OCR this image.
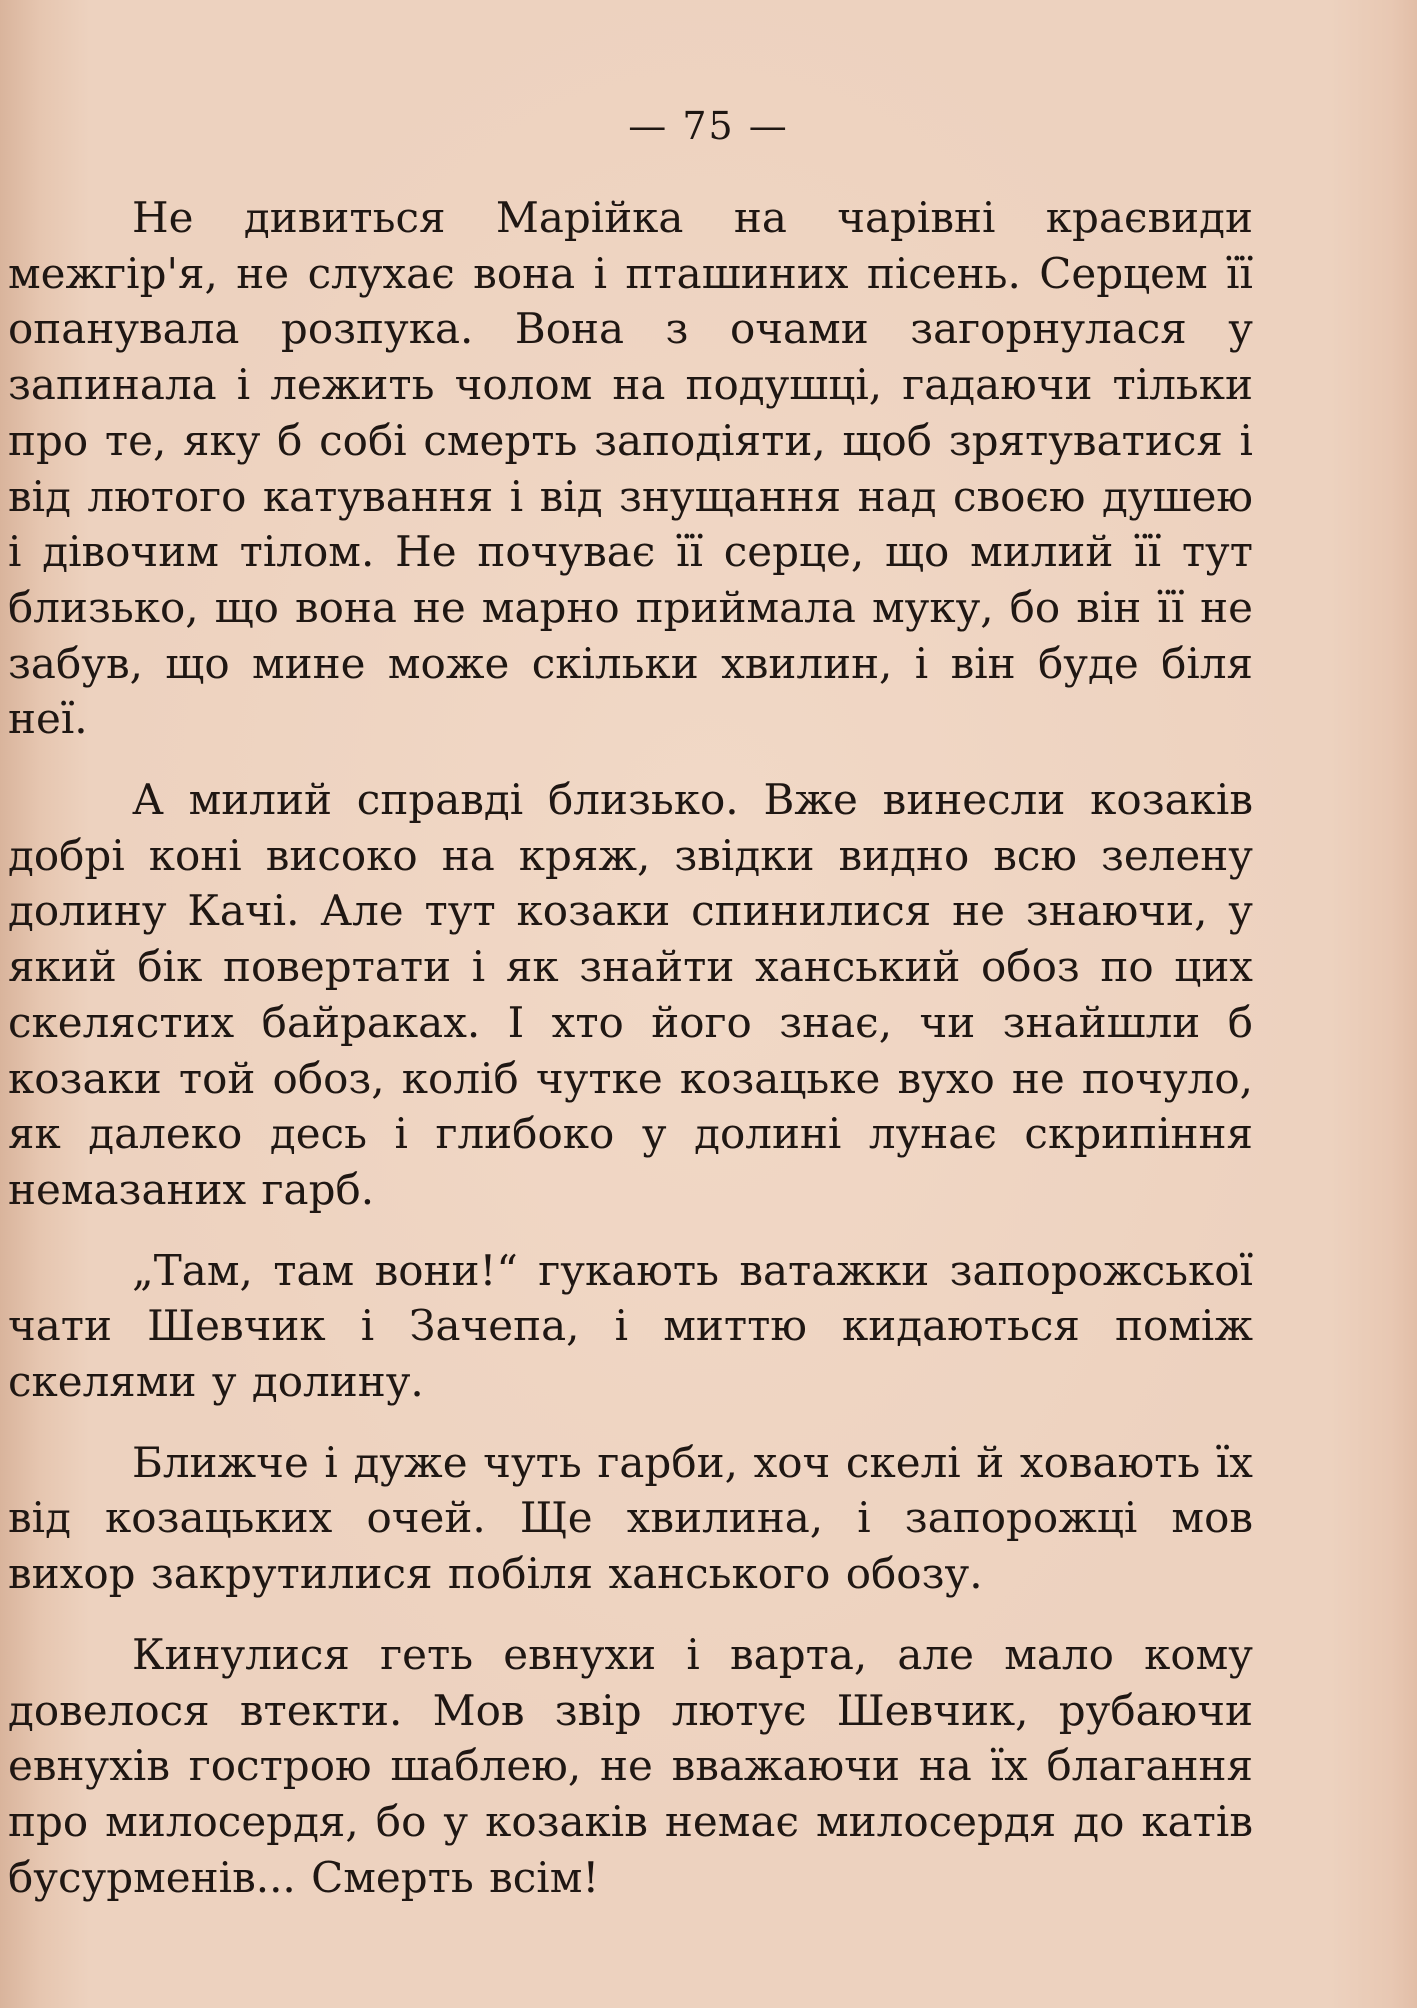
— 75 —

Не дивиться Марійка на чарівні краєвиди межгір'я, не слухає вона і пташиних пісень. Серцем її опанувала розпука. Вона з очами загорнулася у запинала і лежить чолом на подушці, гадаючи тільки про те, яку б собі смерть заподіяти, щоб зрятуватися і від лютого катування і від знущання над своєю душею і дівочим тілом. Не почуває її серце, що милий її тут близько, що вона не марно приймала муку, бо він її не забув, що мине може скільки хвилин, і він буде біля неї.

А милий справді близько. Вже винесли козаків добрі коні високо на кряж, звідки видно всю зелену долину Качі. Але тут козаки спинилися не знаючи, у який бік повертати і як знайти ханський обоз по цих скелястих байраках. І хто його знає, чи знайшли б козаки той обоз, коліб чутке козацьке вухо не почуло, як далеко десь і глибоко у долині лунає скрипіння немазаних гарб.

„Там, там вони!“ гукають ватажки запорожської чати Шевчик і Зачепа, і миттю кидаються поміж скелями у долину.

Ближче і дуже чуть гарби, хоч скелі й ховають їх від козацьких очей. Ще хвилина, і запорожці мов вихор закрутилися побіля ханського обозу.

Кинулися геть евнухи і варта, але мало кому довелося втекти. Мов звір лютує Шевчик, рубаючи евнухів гострою шаблею, не вважаючи на їх благання про милосердя, бо у козаків немає милосердя до катів бусурменів... Смерть всім!
